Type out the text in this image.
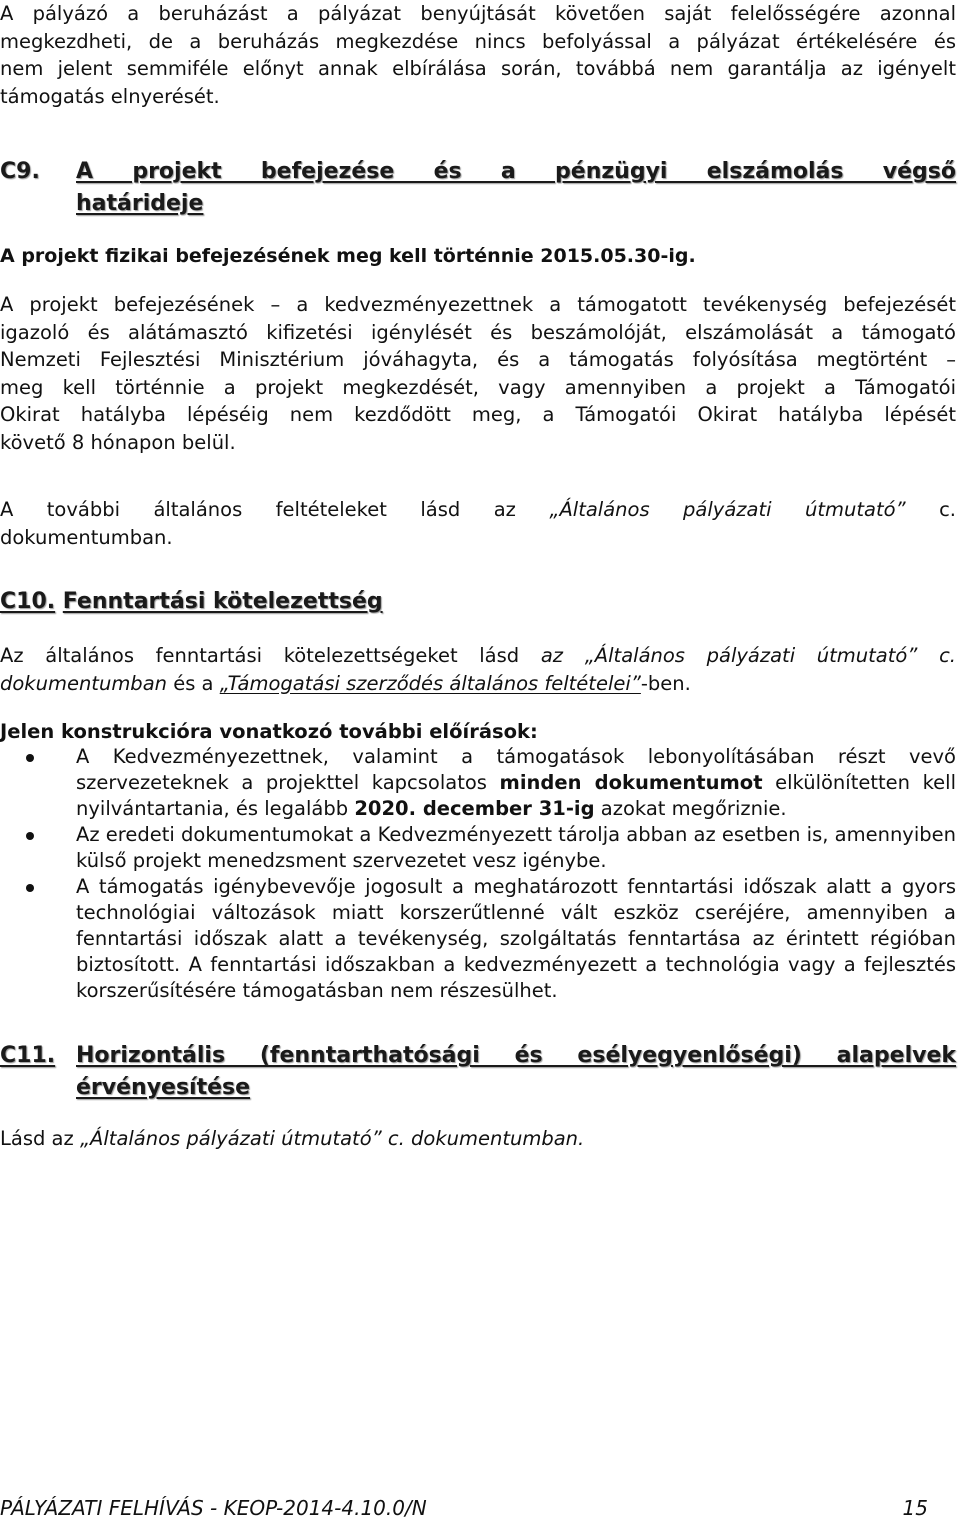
A pályázó a beruházást a pályázat benyújtását követően saját felelősségére azonnal
megkezdheti, de a beruházás megkezdése nincs befolyással a pályázat értékelésére és
nem jelent semmiféle előnyt annak elbírálása során, továbbá nem garantálja az igényelt
támogatás elnyerését.
C9.	A projekt befejezése és a pénzügyi elszámolás végső
határideje
A projekt fizikai befejezésének meg kell történnie 2015.05.30-ig.
A projekt befejezésének – a kedvezményezettnek a támogatott tevékenység befejezését
igazoló és alátámasztó kifizetési igénylését és beszámolóját, elszámolását a támogató
Nemzeti Fejlesztési Minisztérium jóváhagyta, és a támogatás folyósítása megtörtént –
meg kell történnie a projekt megkezdését, vagy amennyiben a projekt a Támogatói
Okirat hatályba lépéséig nem kezdődött meg, a Támogatói Okirat hatályba lépését
követő 8 hónapon belül.
A további általános feltételeket lásd az „Általános pályázati útmutató” c.
dokumentumban.
C10. Fenntartási kötelezettség
Az általános fenntartási kötelezettségeket lásd az „Általános pályázati útmutató” c.
dokumentumban és a „Támogatási szerződés általános feltételei”-ben.
Jelen konstrukcióra vonatkozó további előírások:
A Kedvezményezettnek, valamint a támogatások lebonyolításában részt vevő szervezeteknek a projekttel kapcsolatos minden dokumentumot elkülönítetten kell nyilvántartania, és legalább 2020. december 31-ig azokat megőriznie.
Az eredeti dokumentumokat a Kedvezményezett tárolja abban az esetben is, amennyiben külső projekt menedzsment szervezetet vesz igénybe.
A támogatás igénybevevője jogosult a meghatározott fenntartási időszak alatt a gyors technológiai változások miatt korszerűtlenné vált eszköz cseréjére, amennyiben a fenntartási időszak alatt a tevékenység, szolgáltatás fenntartása az érintett régióban biztosított. A fenntartási időszakban a kedvezményezett a technológia vagy a fejlesztés korszerűsítésére támogatásban nem részesülhet.
C11. Horizontális (fenntarthatósági és esélyegyenlőségi) alapelvek
érvényesítése
Lásd az „Általános pályázati útmutató” c. dokumentumban.
PÁLYÁZATI FELHÍVÁS - KEOP-2014-4.10.0/N	15
